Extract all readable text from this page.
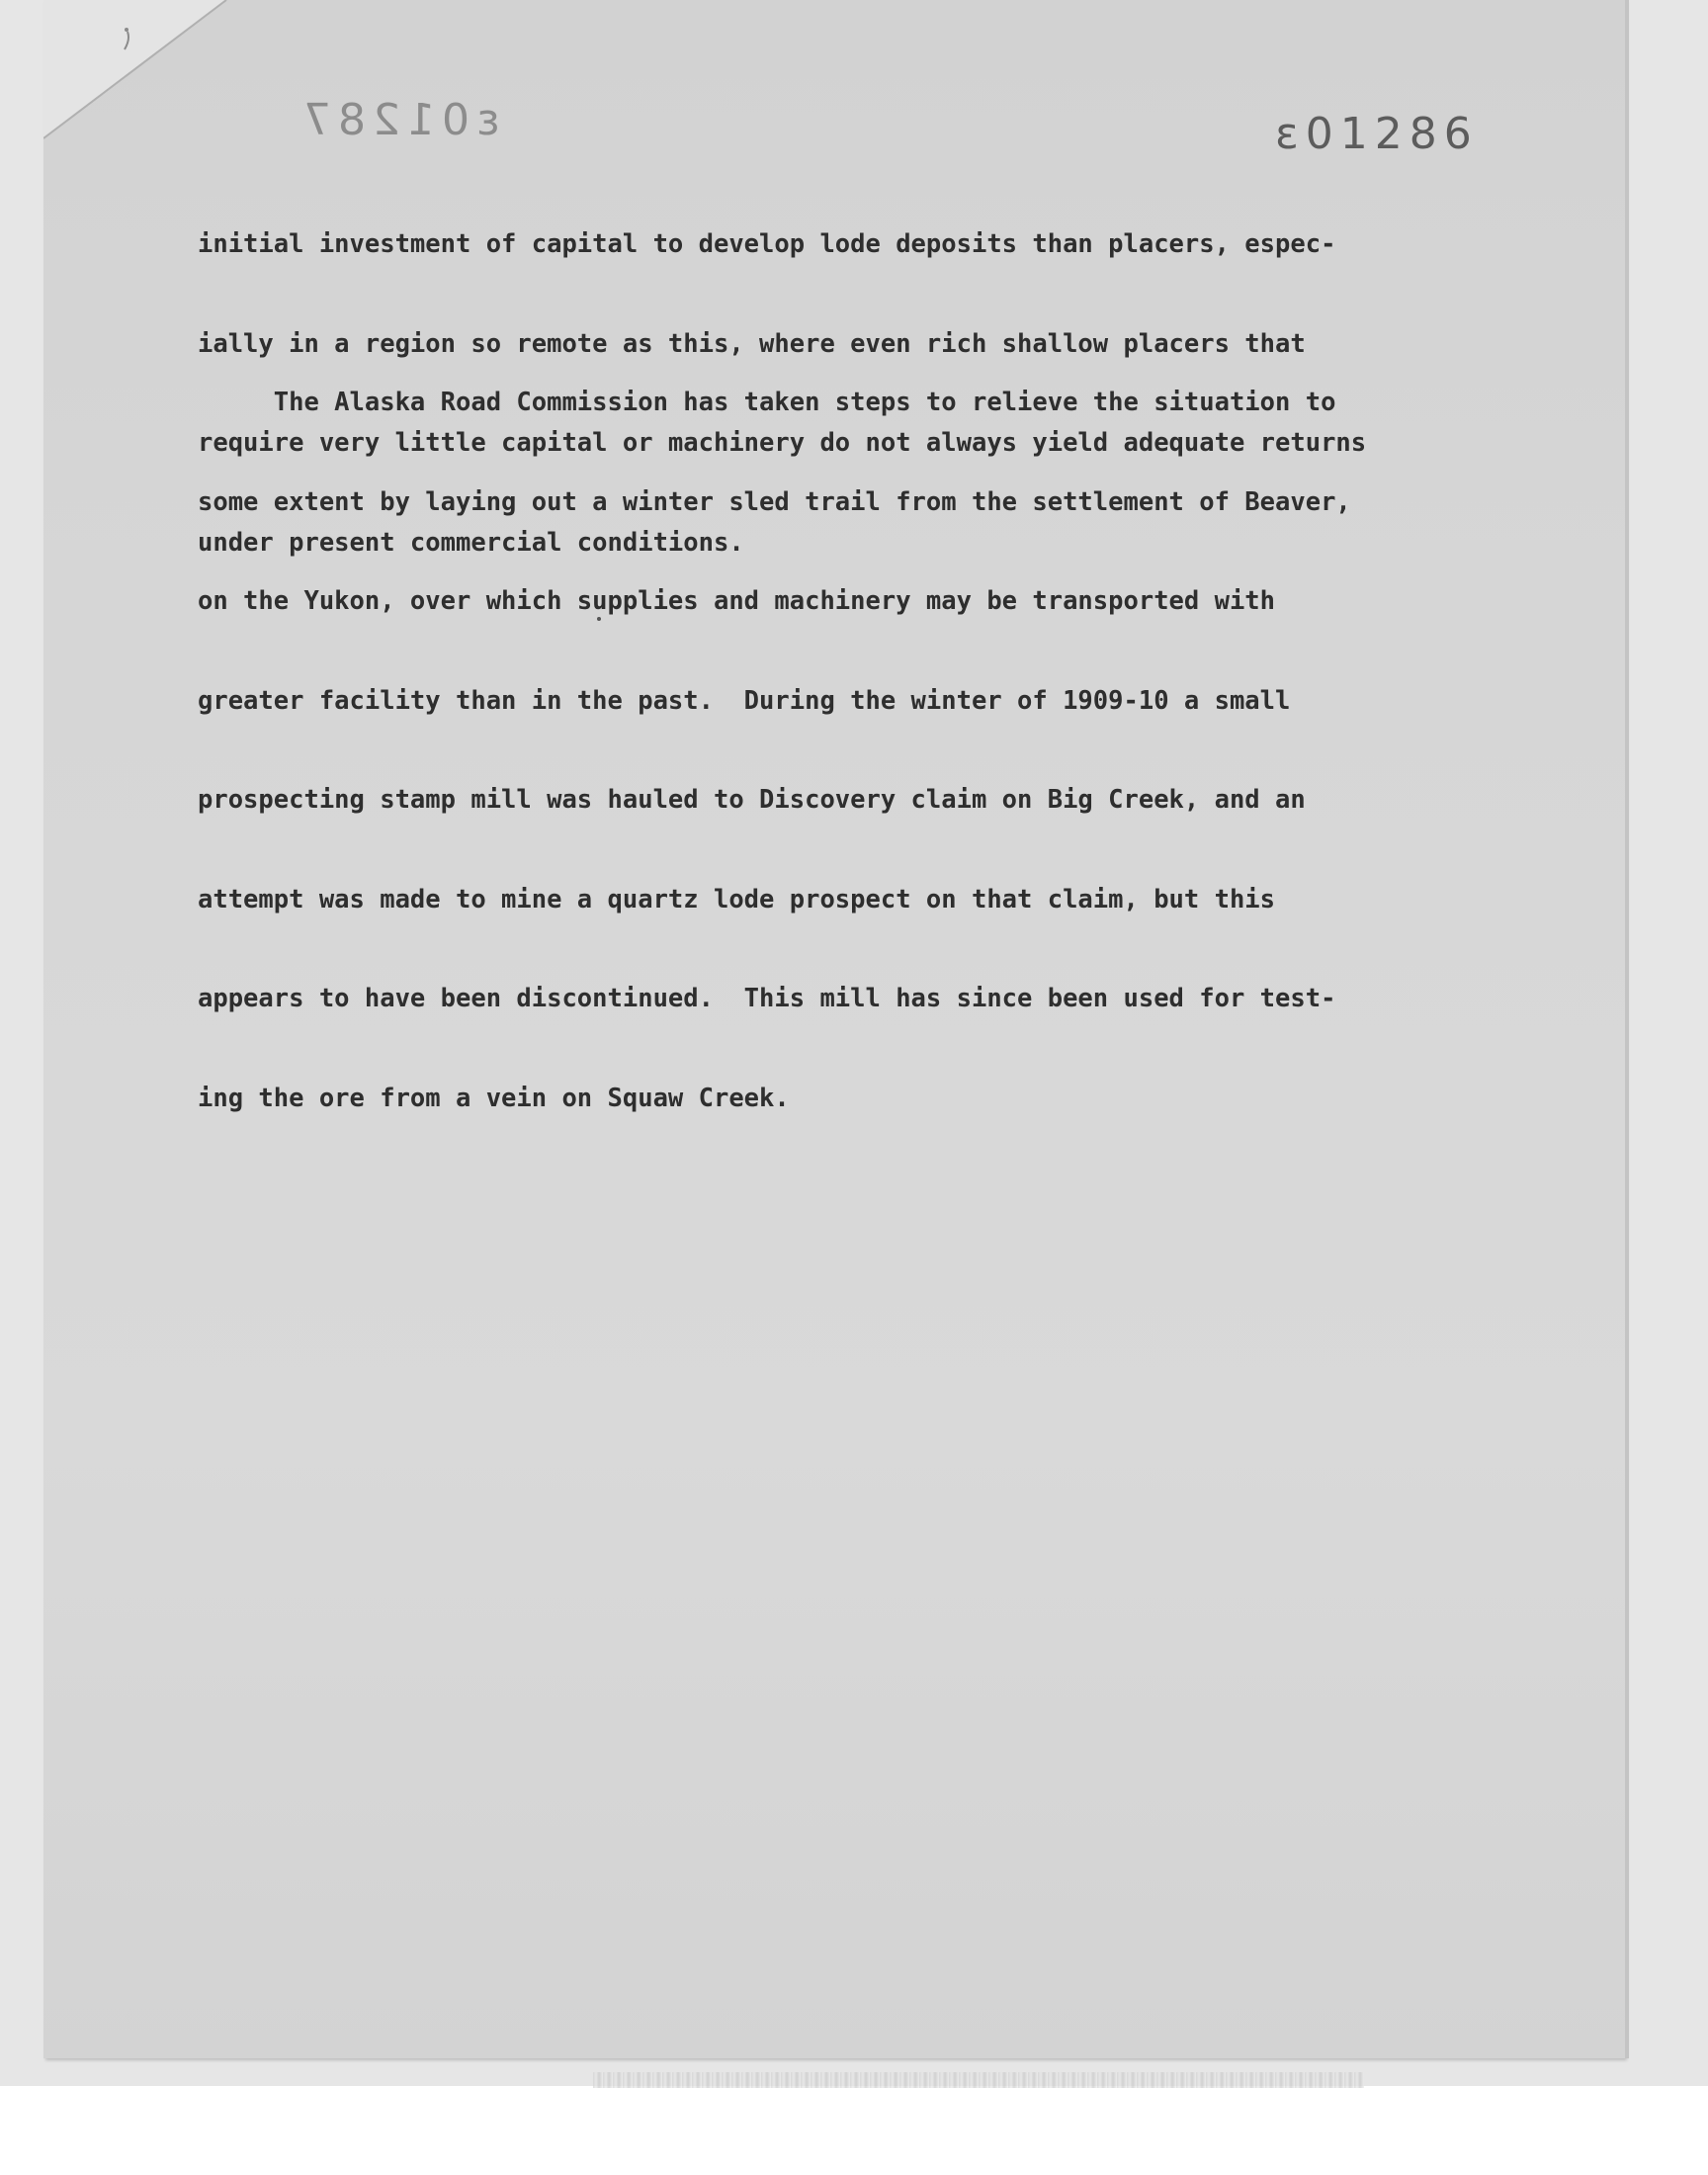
ε01287	ε01286

initial investment of capital to develop lode deposits than placers, espec-

ially in a region so remote as this, where even rich shallow placers that

require very little capital or machinery do not always yield adequate returns

under present commercial conditions.

The Alaska Road Commission has taken steps to relieve the situation to

some extent by laying out a winter sled trail from the settlement of Beaver,

on the Yukon, over which supplies and machinery may be transported with

greater facility than in the past.  During the winter of 1909-10 a small

prospecting stamp mill was hauled to Discovery claim on Big Creek, and an

attempt was made to mine a quartz lode prospect on that claim, but this

appears to have been discontinued.  This mill has since been used for test-

ing the ore from a vein on Squaw Creek.
